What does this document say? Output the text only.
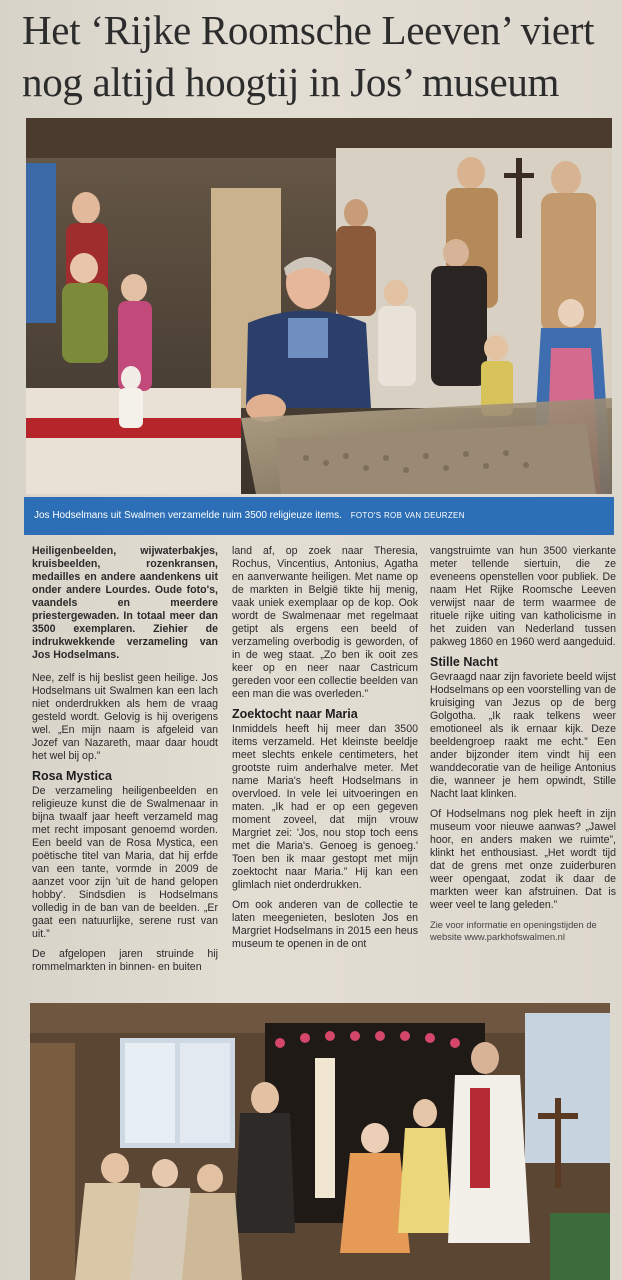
Het ‘Rijke Roomsche Leeven’ viert nog altijd hoogtij in Jos’ museum
Jos Hodselmans uit Swalmen verzamelde ruim 3500 religieuze items. FOTO'S ROB VAN DEURZEN

Heiligenbeelden, wijwaterbakjes, kruisbeelden, rozenkransen, medailles en andere aandenkens uit onder andere Lourdes. Oude foto's, vaandels en meerdere priestergewaden. In totaal meer dan 3500 exemplaren. Ziehier de indrukwekkende verzameling van Jos Hodselmans.

Nee, zelf is hij beslist geen heilige. Jos Hodselmans uit Swalmen kan een lach niet onderdrukken als hem de vraag gesteld wordt. Gelovig is hij overigens wel. „En mijn naam is afgeleid van Jozef van Nazareth, maar daar houdt het wel bij op.”

Rosa Mystica

De verzameling heiligenbeelden en religieuze kunst die de Swalmenaar in bijna twaalf jaar heeft verzameld mag met recht imposant genoemd worden. Een beeld van de Rosa Mystica, een poëtische titel van Maria, dat hij erfde van een tante, vormde in 2009 de aanzet voor zijn 'uit de hand gelopen hobby'. Sindsdien is Hodselmans volledig in de ban van de beelden. „Er gaat een natuurlijke, serene rust van uit.”

De afgelopen jaren struinde hij rommelmarkten in binnen- en buiten

land af, op zoek naar Theresia, Rochus, Vincentius, Antonius, Agatha en aanverwante heiligen. Met name op de markten in België tikte hij menig, vaak uniek exemplaar op de kop. Ook wordt de Swalmenaar met regelmaat getipt als ergens een beeld of verzameling overbodig is geworden, of in de weg staat. „Zo ben ik ooit zes keer op en neer naar Castricum gereden voor een collectie beelden van een man die was overleden.”

Zoektocht naar Maria

Inmiddels heeft hij meer dan 3500 items verzameld. Het kleinste beeldje meet slechts enkele centimeters, het grootste ruim anderhalve meter. Met name Maria's heeft Hodselmans in overvloed. In vele lei uitvoeringen en maten. „Ik had er op een gegeven moment zoveel, dat mijn vrouw Margriet zei: 'Jos, nou stop toch eens met die Maria's. Genoeg is genoeg.' Toen ben ik maar gestopt met mijn zoektocht naar Maria.” Hij kan een glimlach niet onderdrukken.

Om ook anderen van de collectie te laten meegenieten, besloten Jos en Margriet Hodselmans in 2015 een heus museum te openen in de ont

vangstruimte van hun 3500 vierkante meter tellende siertuin, die ze eveneens openstellen voor publiek. De naam Het Rijke Roomsche Leeven verwijst naar de term waarmee de rituele rijke uiting van katholicisme in het zuiden van Nederland tussen pakweg 1860 en 1960 werd aangeduid.

Stille Nacht

Gevraagd naar zijn favoriete beeld wijst Hodselmans op een voorstelling van de kruisiging van Jezus op de berg Golgotha. „Ik raak telkens weer emotioneel als ik ernaar kijk. Deze beeldengroep raakt me echt.” Een ander bijzonder item vindt hij een wanddecoratie van de heilige Antonius die, wanneer je hem opwindt, Stille Nacht laat klinken.

Of Hodselmans nog plek heeft in zijn museum voor nieuwe aanwas? „Jawel hoor, en anders maken we ruimte”, klinkt het enthousiast. „Het wordt tijd dat de grens met onze zuiderburen weer opengaat, zodat ik daar de markten weer kan afstruinen. Dat is weer veel te lang geleden.”

Zie voor informatie en openingstijden de website www.parkhofswalmen.nl
